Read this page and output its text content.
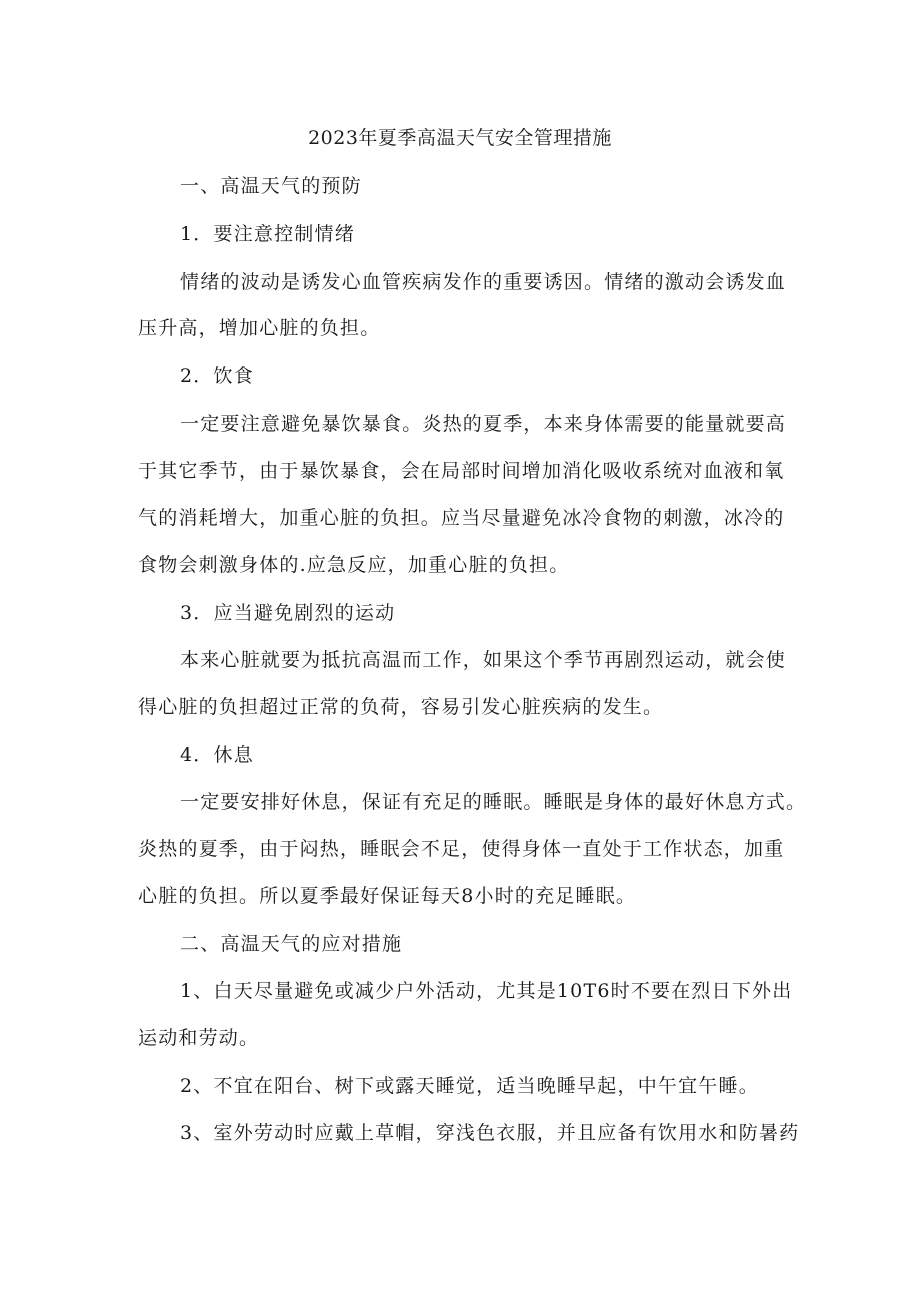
2023年夏季高温天气安全管理措施
一、高温天气的预防
1．要注意控制情绪
情绪的波动是诱发心血管疾病发作的重要诱因。情绪的激动会诱发血
压升高，增加心脏的负担。
2．饮食
一定要注意避免暴饮暴食。炎热的夏季，本来身体需要的能量就要高
于其它季节，由于暴饮暴食，会在局部时间增加消化吸收系统对血液和氧
气的消耗增大，加重心脏的负担。应当尽量避免冰冷食物的刺激，冰冷的
食物会刺激身体的.应急反应，加重心脏的负担。
3．应当避免剧烈的运动
本来心脏就要为抵抗高温而工作，如果这个季节再剧烈运动，就会使
得心脏的负担超过正常的负荷，容易引发心脏疾病的发生。
4．休息
一定要安排好休息，保证有充足的睡眠。睡眠是身体的最好休息方式。
炎热的夏季，由于闷热，睡眠会不足，使得身体一直处于工作状态，加重
心脏的负担。所以夏季最好保证每天8小时的充足睡眠。
二、高温天气的应对措施
1、白天尽量避免或减少户外活动，尤其是10T6时不要在烈日下外出
运动和劳动。
2、不宜在阳台、树下或露天睡觉，适当晚睡早起，中午宜午睡。
3、室外劳动时应戴上草帽，穿浅色衣服，并且应备有饮用水和防暑药
